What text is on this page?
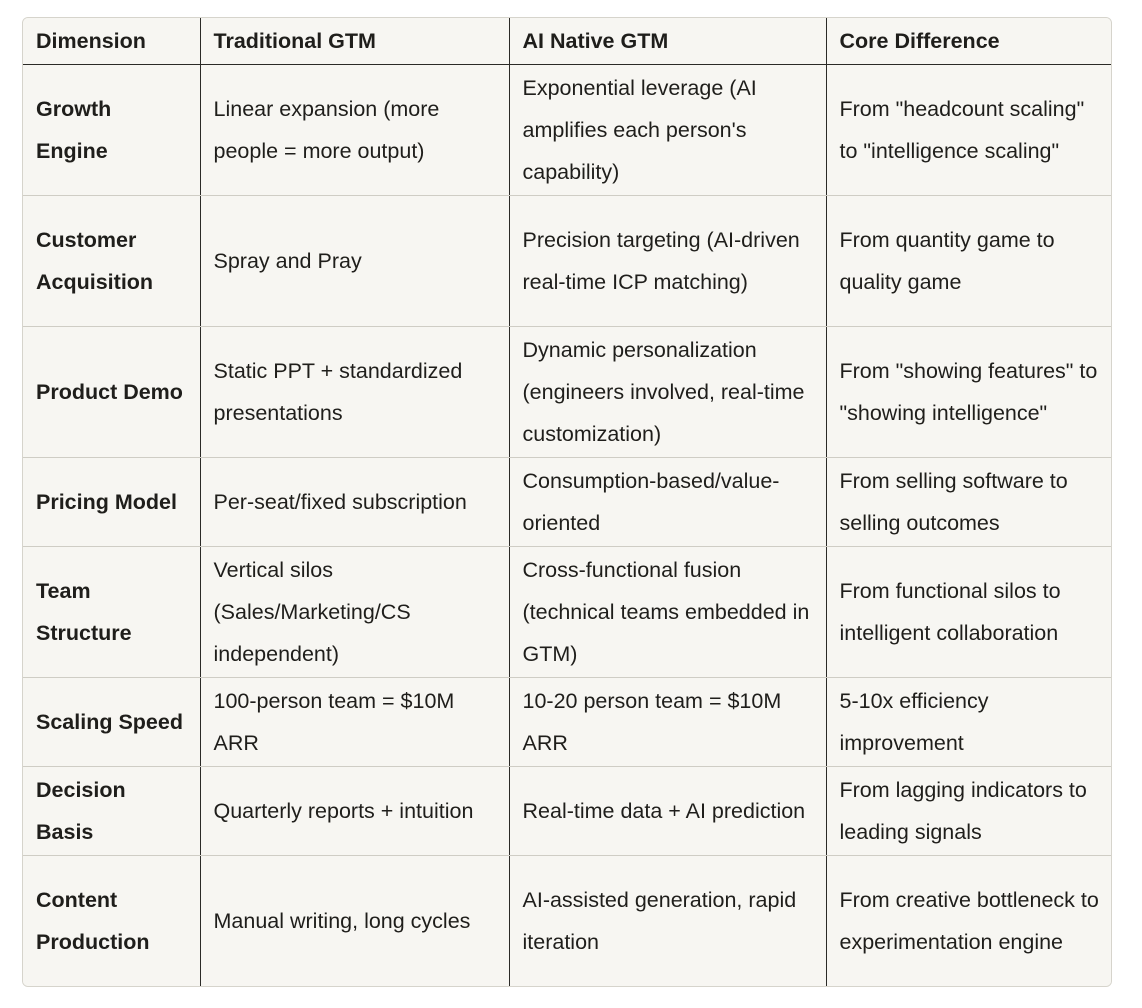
Dimension	Traditional GTM	AI Native GTM	Core Difference
Growth Engine	Linear expansion (more people = more output)	Exponential leverage (AI amplifies each person's capability)	From "headcount scaling" to "intelligence scaling"
Customer Acquisition	Spray and Pray	Precision targeting (AI-driven real-time ICP matching)	From quantity game to quality game
Product Demo	Static PPT + standardized presentations	Dynamic personalization (engineers involved, real-time customization)	From "showing features" to "showing intelligence"
Pricing Model	Per-seat/fixed subscription	Consumption-based/value-oriented	From selling software to selling outcomes
Team Structure	Vertical silos (Sales/Marketing/CS independent)	Cross-functional fusion (technical teams embedded in GTM)	From functional silos to intelligent collaboration
Scaling Speed	100-person team = $10M ARR	10-20 person team = $10M ARR	5-10x efficiency improvement
Decision Basis	Quarterly reports + intuition	Real-time data + AI prediction	From lagging indicators to leading signals
Content Production	Manual writing, long cycles	AI-assisted generation, rapid iteration	From creative bottleneck to experimentation engine
